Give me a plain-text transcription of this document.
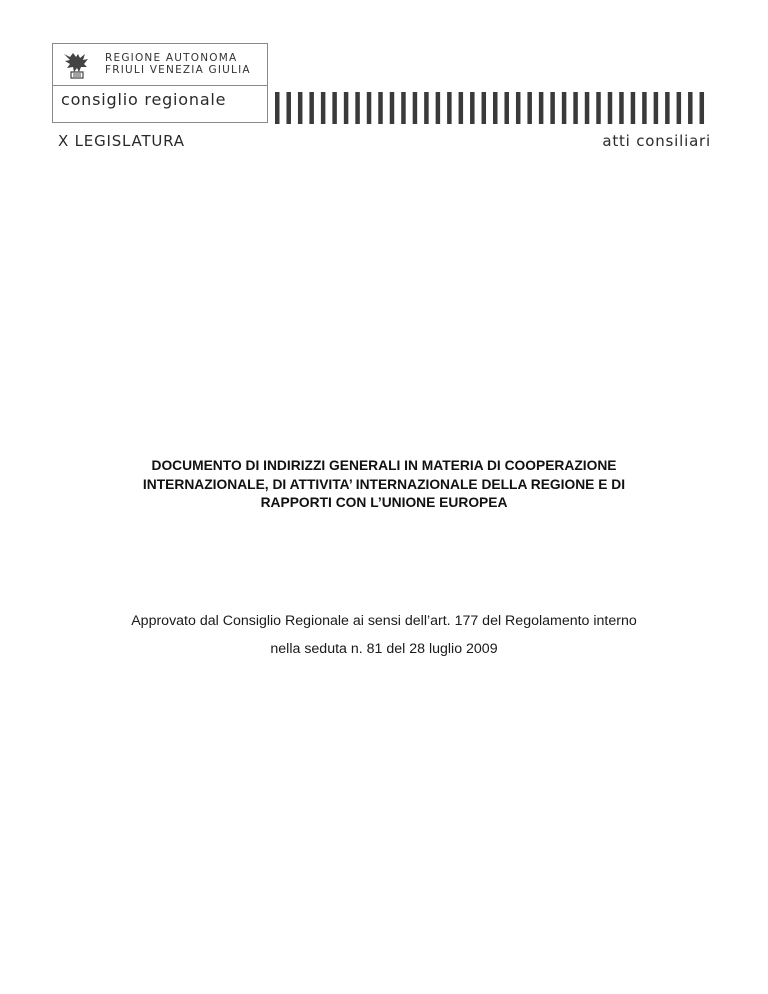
REGIONE AUTONOMA
FRIULI VENEZIA GIULIA
consiglio regionale
X LEGISLATURA	atti consiliari
DOCUMENTO DI INDIRIZZI GENERALI IN MATERIA DI COOPERAZIONE
INTERNAZIONALE, DI ATTIVITA’ INTERNAZIONALE DELLA REGIONE E DI
RAPPORTI CON L’UNIONE EUROPEA
Approvato dal Consiglio Regionale ai sensi dell’art. 177 del Regolamento interno
nella seduta n. 81 del 28 luglio 2009
